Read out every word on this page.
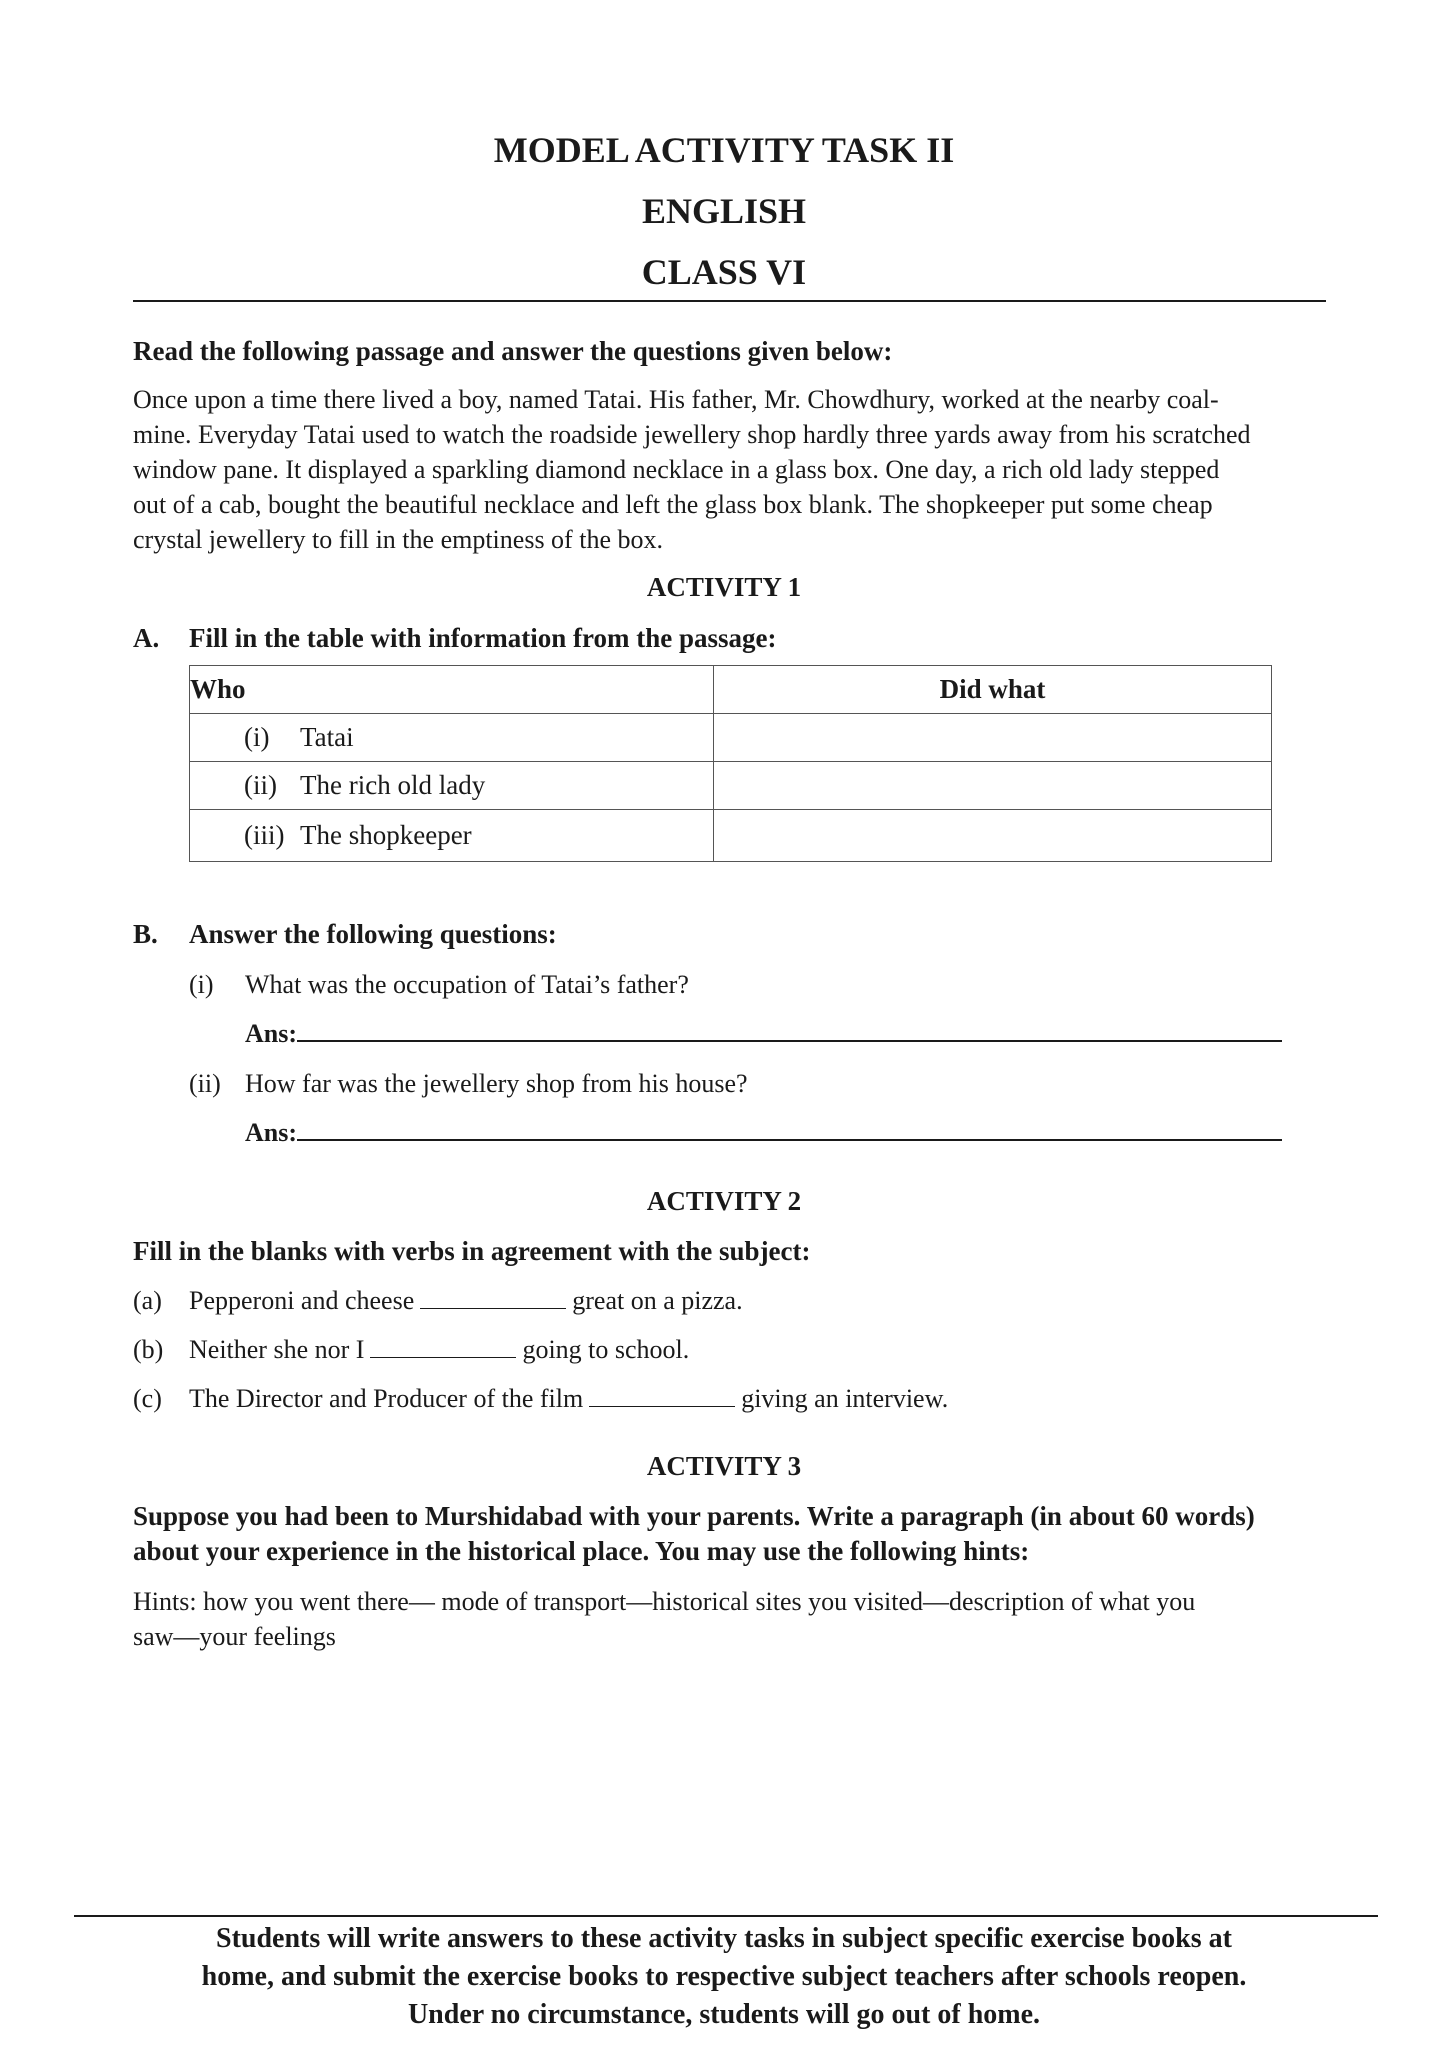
MODEL ACTIVITY TASK II
ENGLISH
CLASS VI
Read the following passage and answer the questions given below:
Once upon a time there lived a boy, named Tatai. His father, Mr. Chowdhury, worked at the nearby coal-
mine. Everyday Tatai used to watch the roadside jewellery shop hardly three yards away from his scratched
window pane. It displayed a sparkling diamond necklace in a glass box. One day, a rich old lady stepped
out of a cab, bought the beautiful necklace and left the glass box blank. The shopkeeper put some cheap
crystal jewellery to fill in the emptiness of the box.
ACTIVITY 1
A. Fill in the table with information from the passage:
Who	Did what
(i) Tatai	
(ii) The rich old lady	
(iii) The shopkeeper	
B. Answer the following questions:
(i) What was the occupation of Tatai’s father?
Ans:
(ii) How far was the jewellery shop from his house?
Ans:
ACTIVITY 2
Fill in the blanks with verbs in agreement with the subject:
(a) Pepperoni and cheese	great on a pizza.
(b) Neither she nor I	going to school.
(c) The Director and Producer of the film	giving an interview.
ACTIVITY 3
Suppose you had been to Murshidabad with your parents. Write a paragraph (in about 60 words)
about your experience in the historical place. You may use the following hints:
Hints: how you went there— mode of transport—historical sites you visited—description of what you
saw—your feelings
Students will write answers to these activity tasks in subject specific exercise books at
home, and submit the exercise books to respective subject teachers after schools reopen.
Under no circumstance, students will go out of home.
